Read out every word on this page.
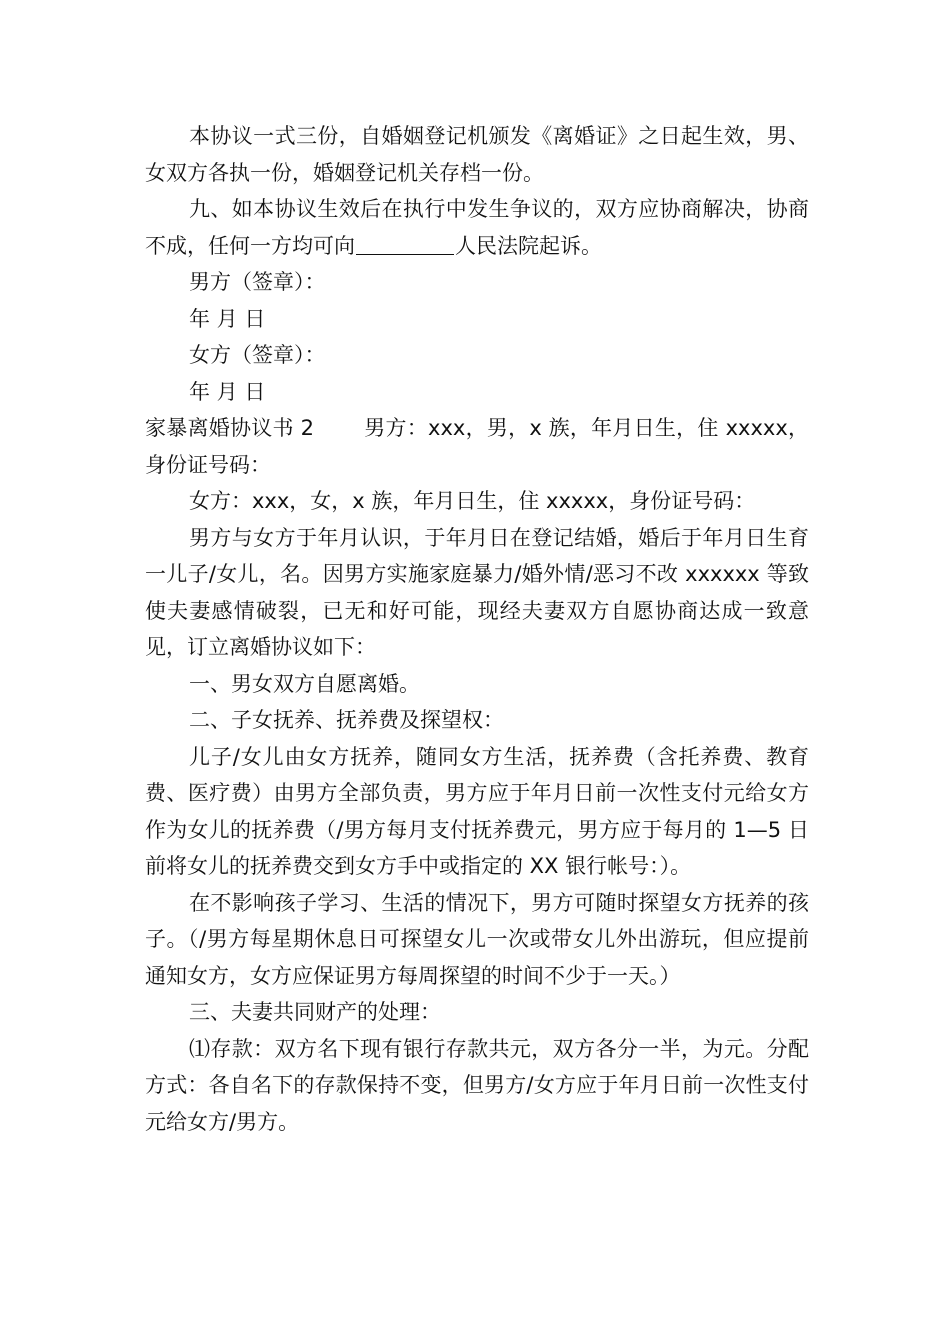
本协议一式三份，自婚姻登记机颁发《离婚证》之日起生效，男、女双方各执一份，婚姻登记机关存档一份。

九、如本协议生效后在执行中发生争议的，双方应协商解决，协商不成，任何一方均可向	人民法院起诉。

男方（签章）：

年 月 日

女方（签章）：

年 月 日

家暴离婚协议书 2 男方：xxx，男，x 族，年月日生，住 xxxxx，身份证号码：

女方：xxx，女，x 族，年月日生，住 xxxxx，身份证号码：

男方与女方于年月认识，于年月日在登记结婚，婚后于年月日生育一儿子/女儿，名。因男方实施家庭暴力/婚外情/恶习不改 xxxxxx 等致使夫妻感情破裂，已无和好可能，现经夫妻双方自愿协商达成一致意见，订立离婚协议如下：

一、男女双方自愿离婚。

二、子女抚养、抚养费及探望权：

儿子/女儿由女方抚养，随同女方生活，抚养费（含托养费、教育费、医疗费）由男方全部负责，男方应于年月日前一次性支付元给女方作为女儿的抚养费（/男方每月支付抚养费元，男方应于每月的 1—5 日前将女儿的抚养费交到女方手中或指定的 XX 银行帐号：）。

在不影响孩子学习、生活的情况下，男方可随时探望女方抚养的孩子。（/男方每星期休息日可探望女儿一次或带女儿外出游玩，但应提前通知女方，女方应保证男方每周探望的时间不少于一天。）

三、夫妻共同财产的处理：

⑴存款：双方名下现有银行存款共元，双方各分一半，为元。分配方式：各自名下的存款保持不变，但男方/女方应于年月日前一次性支付元给女方/男方。
